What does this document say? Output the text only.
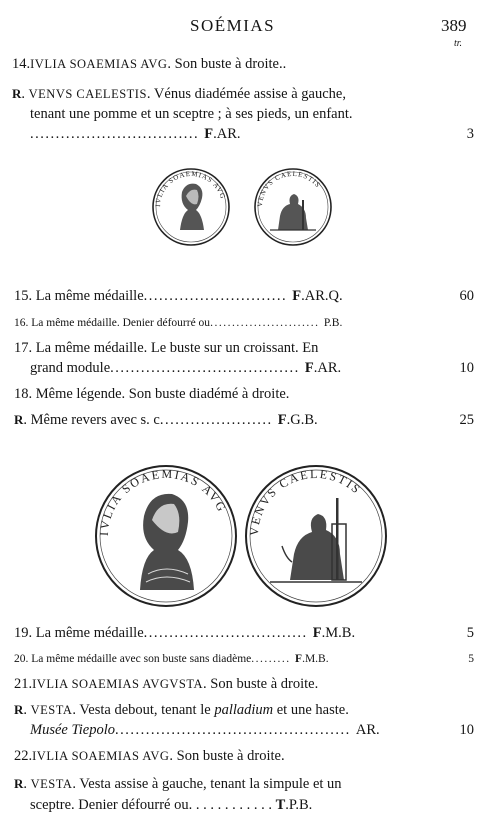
SOÉMIAS	389
tr.
14.IVLIA SOAEMIAS AVG. Son buste à droite..
R. VENVS CAELESTIS. Vénus diadémée assise à gauche,
tenant une pomme et un sceptre ; à ses pieds, un enfant.
................................. F.AR.	3
15. La même médaille............................ F.AR.Q.	60
16. La même médaille. Denier défourré ou......................... P.B.
17. La même médaille. Le buste sur un croissant. En
grand module..................................... F.AR.	10
18. Même légende. Son buste diadémé à droite.
R. Même revers avec s. c...................... F.G.B.	25
19. La même médaille................................ F.M.B.	5
20. La même médaille avec son buste sans diadème......... F.M.B.	5
21.IVLIA SOAEMIAS AVGVSTA. Son buste à droite.
R. VESTA. Vesta debout, tenant le palladium et une haste.
Musée Tiepolo.............................................. AR.	10
22.IVLIA SOAEMIAS AVG. Son buste à droite.
R. VESTA. Vesta assise à gauche, tenant la simpule et un
sceptre. Denier défourré ou. . . . . . . . . . . . T.P.B.
IVLIA SOAEMIAS AVG
VENVS CAELESTIS
IVLIA SOAEMIAS AVG
VENVS CAELESTIS
